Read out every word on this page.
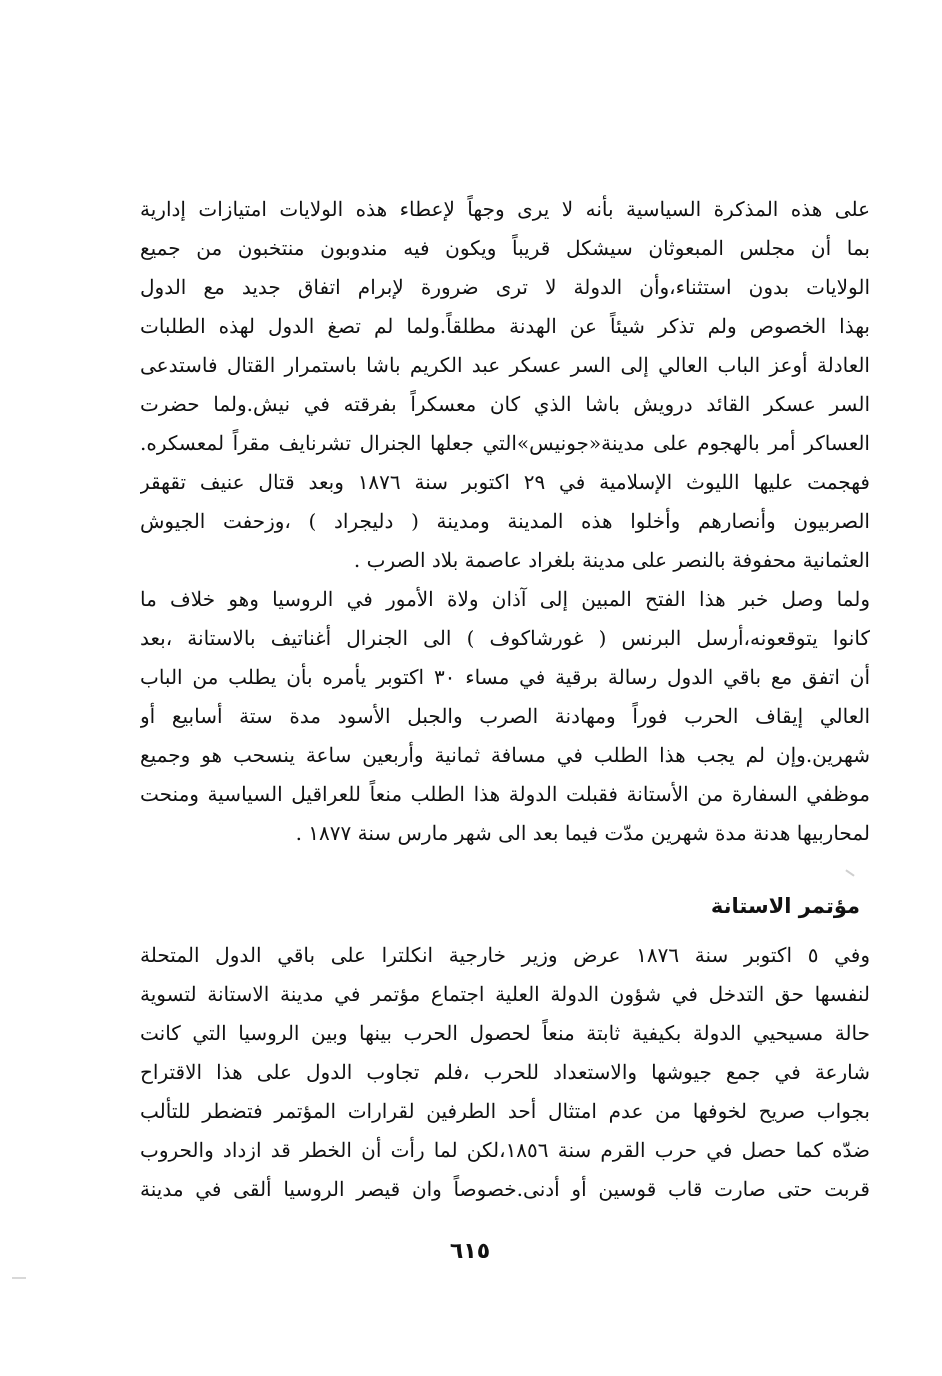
على هذه المذكرة السياسية بأنه لا يرى وجهاً لإعطاء هذه الولايات امتيازات إدارية
بما أن مجلس المبعوثان سيشكل قريباً ويكون فيه مندوبون منتخبون من جميع
الولايات بدون استثناء،وأن الدولة لا ترى ضرورة لإبرام اتفاق جديد مع الدول
بهذا الخصوص ولم تذكر شيئاً عن الهدنة مطلقاً.ولما لم تصغ الدول لهذه الطلبات
العادلة أوعز الباب العالي إلى السر عسكر عبد الكريم باشا باستمرار القتال فاستدعى
السر عسكر القائد درويش باشا الذي كان معسكراً بفرقته في نيش.ولما حضرت
العساكر أمر بالهجوم على مدينة«جونيس»التي جعلها الجنرال تشرنايف مقراً لمعسكره.
فهجمت عليها الليوث الإسلامية في ٢٩ اكتوبر سنة ١٨٧٦ وبعد قتال عنيف تقهقر
الصربيون وأنصارهم وأخلوا هذه المدينة ومدينة ( دليجراد ) ،وزحفت الجيوش
العثمانية محفوفة بالنصر على مدينة بلغراد عاصمة بلاد الصرب .
ولما وصل خبر هذا الفتح المبين إلى آذان ولاة الأمور في الروسيا وهو خلاف ما
كانوا يتوقعونه،أرسل البرنس ( غورشاكوف ) الى الجنرال أغناتيف بالاستانة ،بعد
أن اتفق مع باقي الدول رسالة برقية في مساء ٣٠ اكتوبر يأمره بأن يطلب من الباب
العالي إيقاف الحرب فوراً ومهادنة الصرب والجبل الأسود مدة ستة أسابيع أو
شهرين.وإن لم يجب هذا الطلب في مسافة ثمانية وأربعين ساعة ينسحب هو وجميع
موظفي السفارة من الأستانة فقبلت الدولة هذا الطلب منعاً للعراقيل السياسية ومنحت
لمحاربيها هدنة مدة شهرين مدّت فيما بعد الى شهر مارس سنة ١٨٧٧ .
مؤتمر الاستانة
وفي ٥ اكتوبر سنة ١٨٧٦ عرض وزير خارجية انكلترا على باقي الدول المتحلة
لنفسها حق التدخل في شؤون الدولة العلية اجتماع مؤتمر في مدينة الاستانة لتسوية
حالة مسيحيي الدولة بكيفية ثابتة منعاً لحصول الحرب بينها وبين الروسيا التي كانت
شارعة في جمع جيوشها والاستعداد للحرب ،فلم تجاوب الدول على هذا الاقتراح
بجواب صريح لخوفها من عدم امتثال أحد الطرفين لقرارات المؤتمر فتضطر للتألب
ضدّه كما حصل في حرب القرم سنة ١٨٥٦،لكن لما رأت أن الخطر قد ازداد والحروب
قربت حتى صارت قاب قوسين أو أدنى.خصوصاً وان قيصر الروسيا ألقى في مدينة
٦١٥
